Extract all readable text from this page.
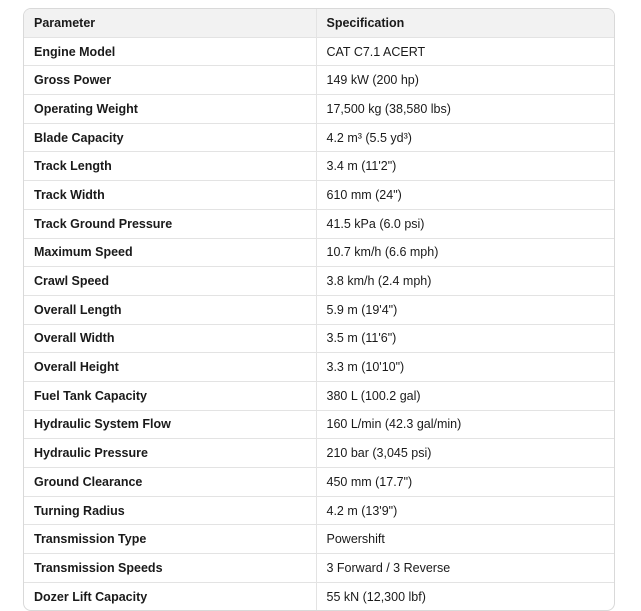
Parameter	Specification
Engine Model	CAT C7.1 ACERT
Gross Power	149 kW (200 hp)
Operating Weight	17,500 kg (38,580 lbs)
Blade Capacity	4.2 m³ (5.5 yd³)
Track Length	3.4 m (11'2")
Track Width	610 mm (24")
Track Ground Pressure	41.5 kPa (6.0 psi)
Maximum Speed	10.7 km/h (6.6 mph)
Crawl Speed	3.8 km/h (2.4 mph)
Overall Length	5.9 m (19'4")
Overall Width	3.5 m (11'6")
Overall Height	3.3 m (10'10")
Fuel Tank Capacity	380 L (100.2 gal)
Hydraulic System Flow	160 L/min (42.3 gal/min)
Hydraulic Pressure	210 bar (3,045 psi)
Ground Clearance	450 mm (17.7")
Turning Radius	4.2 m (13'9")
Transmission Type	Powershift
Transmission Speeds	3 Forward / 3 Reverse
Dozer Lift Capacity	55 kN (12,300 lbf)
